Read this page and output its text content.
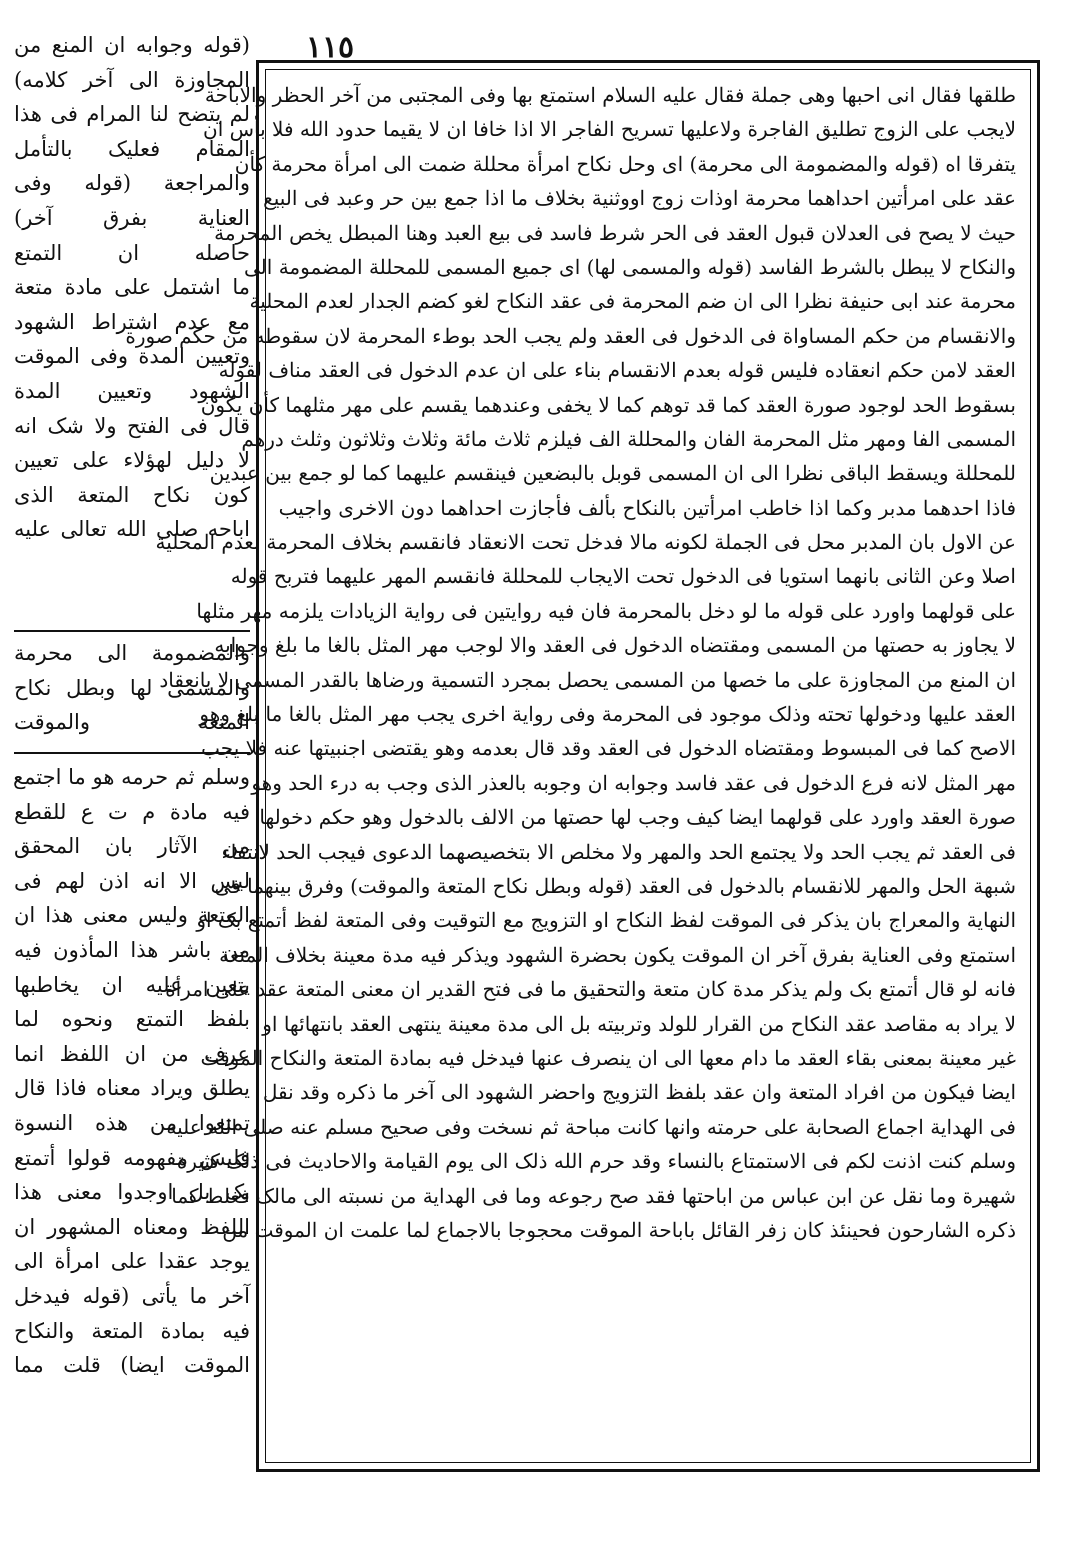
١١٥
طلقها فقال انی احبها وهی جملة فقال علیه السلام استمتع بها وفی المجتبی من آخر الحظر والاباحة
لایجب علی الزوج تطلیق الفاجرة ولاعلیها تسریح الفاجر الا اذا خافا ان لا یقیما حدود الله فلا بأس ان
یتفرقا اه (قوله والمضمومة الی محرمة) ای وحل نکاح امرأة محللة ضمت الی امرأة محرمة کأن
عقد علی امرأتین احداهما محرمة اوذات زوج اووثنیة بخلاف ما اذا جمع بین حر وعبد فی البیع
حیث لا یصح فی العدلان قبول العقد فی الحر شرط فاسد فی بیع العبد وهنا المبطل یخص المحرمة
والنکاح لا یبطل بالشرط الفاسد (قوله والمسمی لها) ای جمیع المسمی للمحللة المضمومة الی
محرمة عند ابی حنیفة نظرا الی ان ضم المحرمة فی عقد النکاح لغو کضم الجدار لعدم المحلیة
والانقسام من حکم المساواة فی الدخول فی العقد ولم یجب الحد بوطء المحرمة لان سقوطه من حکم صورة
العقد لامن حکم انعقاده فلیس قوله بعدم الانقسام بناء علی ان عدم الدخول فی العقد مناف لقوله
بسقوط الحد لوجود صورة العقد کما قد توهم کما لا یخفی وعندهما یقسم علی مهر مثلهما کأن یکون
المسمی الفا ومهر مثل المحرمة الفان والمحللة الف فیلزم ثلاث مائة وثلاث وثلاثون وثلث درهم
للمحللة ویسقط الباقی نظرا الی ان المسمی قوبل بالبضعین فینقسم علیهما کما لو جمع بین عبدین
فاذا احدهما مدبر وکما اذا خاطب امرأتین بالنکاح بألف فأجازت احداهما دون الاخری واجیب
عن الاول بان المدبر محل فی الجملة لکونه مالا فدخل تحت الانعقاد فانقسم بخلاف المحرمة لعدم المحلیة
اصلا وعن الثانی بانهما استویا فی الدخول تحت الایجاب للمحللة فانقسم المهر علیهما فتربح قوله
علی قولهما واورد علی قوله ما لو دخل بالمحرمة فان فیه روایتین فی روایة الزیادات یلزمه مهر مثلها
لا یجاوز به حصتها من المسمی ومقتضاه الدخول فی العقد والا لوجب مهر المثل بالغا ما بلغ وجوابه
ان المنع من المجاوزة علی ما خصها من المسمی یحصل بمجرد التسمیة ورضاها بالقدر المسمی لا بانعقاد
العقد علیها ودخولها تحته وذلک موجود فی المحرمة وفی روایة اخری یجب مهر المثل بالغا ما بلغ وهو
الاصح کما فی المبسوط ومقتضاه الدخول فی العقد وقد قال بعدمه وهو یقتضی اجنبیتها عنه فلا یجب
مهر المثل لانه فرع الدخول فی عقد فاسد وجوابه ان وجوبه بالعذر الذی وجب به درء الحد وهو
صورة العقد واورد علی قولهما ایضا کیف وجب لها حصتها من الالف بالدخول وهو حکم دخولها
فی العقد ثم یجب الحد ولا یجتمع الحد والمهر ولا مخلص الا بتخصیصهما الدعوی فیجب الحد لانتفاء
شبهة الحل والمهر للانقسام بالدخول فی العقد (قوله وبطل نکاح المتعة والموقت) وفرق بینهما فی
النهایة والمعراج بان یذکر فی الموقت لفظ النکاح او التزویج مع التوقیت وفی المتعة لفظ أتمتع بک او
استمتع وفی العنایة بفرق آخر ان الموقت یکون بحضرة الشهود ویذکر فیه مدة معینة بخلاف المتعة
فانه لو قال أتمتع بک ولم یذکر مدة کان متعة والتحقیق ما فی فتح القدیر ان معنی المتعة عقد علی امرأة
لا یراد به مقاصد عقد النکاح من القرار للولد وتربیته بل الی مدة معینة ینتهی العقد بانتهائها او
غیر معینة بمعنی بقاء العقد ما دام معها الی ان ینصرف عنها فیدخل فیه بمادة المتعة والنکاح الموقت
ایضا فیکون من افراد المتعة وان عقد بلفظ التزویج واحضر الشهود الی آخر ما ذکره وقد نقل
فی الهدایة اجماع الصحابة علی حرمته وانها کانت مباحة ثم نسخت وفی صحیح مسلم عنه صلی الله علیه
وسلم کنت اذنت لکم فی الاستمتاع بالنساء وقد حرم الله ذلک الی یوم القیامة والاحادیث فی ذلک کثیرة
شهیرة وما نقل عن ابن عباس من اباحتها فقد صح رجوعه وما فی الهدایة من نسبته الی مالک فغلط کما
ذکره الشارحون فحینئذ کان زفر القائل باباحة الموقت محجوجا بالاجماع لما علمت ان الموقت من
(قوله وجوابه ان المنع من
المجاوزة الی آخر کلامه)
لم یتضح لنا المرام فی هذا
المقام فعلیک بالتأمل
والمراجعة (قوله وفی
العنایة بفرق آخر)
حاصله ان التمتع
ما اشتمل علی مادة متعة
مع عدم اشتراط الشهود
وتعیین المدة وفی الموقت
الشهود وتعیین المدة
قال فی الفتح ولا شک انه
لا دلیل لهؤلاء علی تعیین
کون نکاح المتعة الذی
اباحه صلی الله تعالی علیه
والمضمومة الی محرمة
والمسمی لها وبطل نکاح
المتعة والموقت
وسلم ثم حرمه هو ما اجتمع
فیه مادة م ت ع للقطع
من الآثار بان المحقق
لیس الا انه اذن لهم فی
المتعة ولیس معنی هذا ان
من باشر هذا المأذون فیه
یتعین علیه ان یخاطبها
بلفظ التمتع ونحوه لما
عرف من ان اللفظ انما
یطلق ویراد معناه فاذا قال
تمتعوا من هذه النسوة
فلیس مفهومه قولوا أتمتع
بک بل اوجدوا معنی هذا
اللفظ ومعناه المشهور ان
یوجد عقدا علی امرأة الی
آخر ما یأتی (قوله فیدخل
فیه بمادة المتعة والنکاح
الموقت ایضا) قلت مما
